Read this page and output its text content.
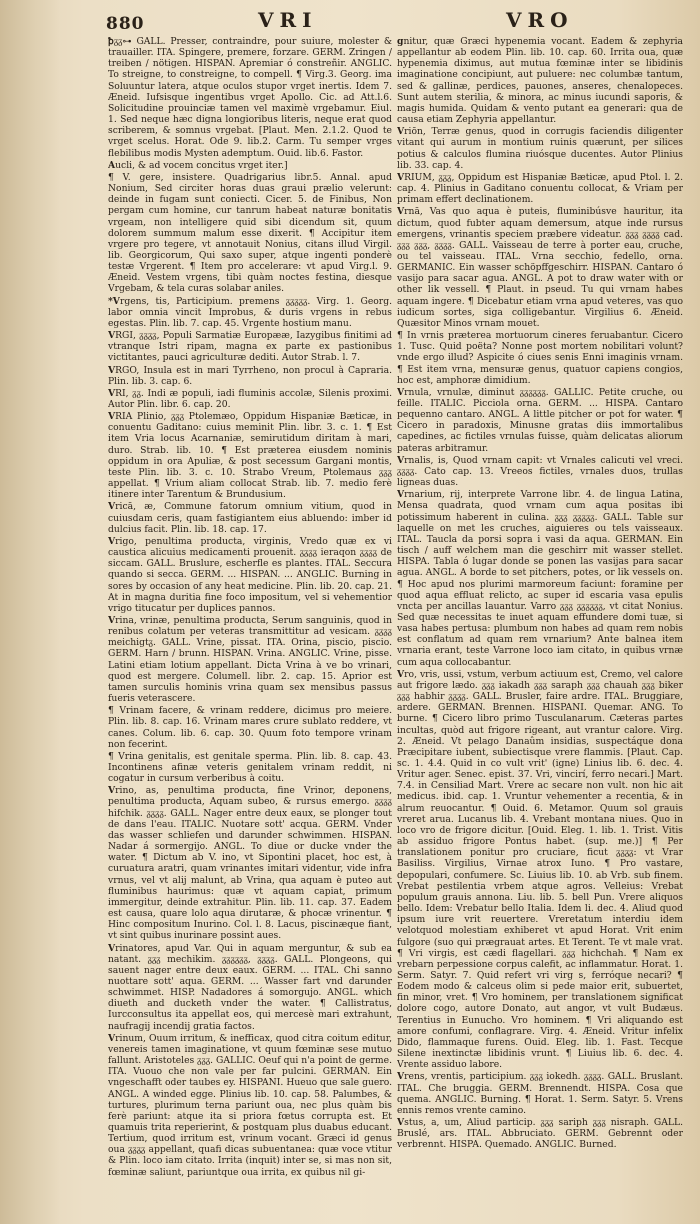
880	VRI	VRO

ꝥᵹᵹ⊶ GALL. Presser, contraindre, pour suiure, molester & trauailler. ITA. Spingere, premere, forzare. GERM. Zringen / treiben / nötigen. HISPAN. Apremiar ó constreñir. ANGLIC. To streigne, to constreigne, to compell. ¶ Virg.3. Georg. ima Soluuntur latera, atque oculos stupor vrget inertis. Idem 7. Æneid. Iufsisque ingentibus vrget Apollo. Cic. ad Att.l.6. Solicitudine prouinciæ tamen vel maximè vrgebamur. Eiul. 1. Sed neque hæc digna longioribus literis, neque erat quod scriberem, & somnus vrgebat. [Plaut. Men. 2.1.2. Quod te vrget scelus. Horat. Ode 9. lib.2. Carm. Tu semper vrges flebilibus modis Mysten ademptum. Ouid. lib.6. Fastor.

Aucli, & ad vocem concitus vrget iter.]

¶ V. gere, insistere. Quadrigarius libr.5. Annal. apud Nonium, Sed circiter horas duas graui prælio velerunt: deinde in fugam sunt coniecti. Cicer. 5. de Finibus, Non pergam cum homine, cur tanrum habeat naturæ bonitatis vrgeam, non intelligere quid sibi dicendum sit, quum dolorem summum malum esse dixerit. ¶ Accipitur item vrgere pro tegere, vt annotauit Nonius, citans illud Virgil. lib. Georgicorum, Qui saxo super, atque ingenti ponderè testæ Vrgerent. ¶ Item pro accelerare: vt apud Virg.l. 9. Æneid. Vestem vrgens, tibi quàm noctes festina, diesque Vrgebam, & tela curas solabar aniles.

*Vrgens, tis, Participium. premens ᵹᵹᵹᵹᵹ. Virg. 1. Georg. labor omnia vincit Improbus, & duris vrgens in rebus egestas. Plin. lib. 7. cap. 45. Vrgente hostium manu.

VRGI, ᵹᵹᵹᵹ, Populi Sarmatiæ Europææ, Iazygibus finitimi ad vtranque Istri ripam, magna ex parte ex pastionibus victitantes, pauci agriculturæ dediti. Autor Strab. l. 7.

VRGO, Insula est in mari Tyrrheno, non procul à Capraria. Plin. lib. 3. cap. 6.

VRI, ᵹᵹ. Indi æ populi, iadi fluminis accolæ, Silenis proximi. Autor Plin. libr. 6. cap. 20.

VRIA Plinio, ᵹᵹᵹ Ptolemæo, Oppidum Hispaniæ Bæticæ, in conuentu Gaditano: cuius meminit Plin. libr. 3. c. 1. ¶ Est item Vria locus Acarnaniæ, semirutidum diritam à mari, duro. Strab. lib. 10. ¶ Est præterea eiusdem nominis oppidum in ora Apuliæ, & post secessum Gargani montis, teste Plin. lib. 3. c. 10. Strabo Vreum, Ptolemaus ᵹᵹᵹ appellat. ¶ Vrium aliam collocat Strab. lib. 7. medio ferè itinere inter Tarentum & Brundusium.

Vricā, æ, Commune fatorum omnium vitium, quod in cuiusdam ceris, quam fastigiantem eius abluendo: imber id dulcius facit. Plin. lib. 18. cap. 17.

Vrigo, penultima producta, virginis, Vredo quæ ex vi caustica alicuius medicamenti prouenit. ᵹᵹᵹᵹ ieraqon ᵹᵹᵹᵹ de siccam. GALL. Bruslure, escherfle es plantes. ITAL. Seccura quando si secca. GERM. ... HISPAN. ... ANGLIC. Burning in sores by occasion of any heat medicine. Plin. lib. 20. cap. 21. At in magna duritia fine foco impositum, vel si vehementior vrigo titucatur per duplices pannos.

Vrina, vrinæ, penultima producta, Serum sanguinis, quod in renibus colatum per veteras transmittitur ad vesicam. ᵹᵹᵹᵹ meichigtᵹ. GALL. Vrine, pissat. ITA. Orina, piscio, piscio. GERM. Harn / brunn. HISPAN. Vrina. ANGLIC. Vrine, pisse. Latini etiam lotium appellant. Dicta Vrina à ve bo vrinari, quod est mergere. Columell. libr. 2. cap. 15. Aprior est tamen surculis hominis vrina quam sex mensibus passus fueris veterascere.

¶ Vrinam facere, & vrinam reddere, dicimus pro meiere. Plin. lib. 8. cap. 16. Vrinam mares crure sublato reddere, vt canes. Colum. lib. 6. cap. 30. Quum foto tempore vrinam non fecerint.

¶ Vrina genitalis, est genitale sperma. Plin. lib. 8. cap. 43. Incontinens afinæ veteris genitalem vrinam reddit, ni cogatur in cursum verberibus à coitu.

Vrino, as, penultima producta, fine Vrinor, deponens, penultima producta, Aquam subeo, & rursus emergo. ᵹᵹᵹᵹ hifchik. ᵹᵹᵹᵹ. GALL. Nager entre deux eaux, se plonger tout de dans l'eau. ITALIC. Nuotare sott' acqua. GERM. Vnder das wasser schliefen und darunder schwimmen. HISPAN. Nadar á sormergijo. ANGL. To diue or ducke vnder the water. ¶ Dictum ab V. ino, vt Sipontini placet, hoc est, à curuatura aratri, quam vrinantes imitari videntur, vide infra vrnus, vel vt alij malunt, ab Vrina, qua aquam è puteo aut fluminibus haurimus: quæ vt aquam capiat, primum immergitur, deinde extrahitur. Plin. lib. 11. cap. 37. Eadem est causa, quare lolo aqua dirutaræ, & phocæ vrinentur. ¶ Hinc compositum Inurino. Col. l. 8. Lacus, piscinæque fiant, vt sint quibus inurinare possint aues.

Vrinatores, apud Var. Qui in aquam merguntur, & sub ea natant. ᵹᵹᵹ mechikim. ᵹᵹᵹᵹᵹᵹ, ᵹᵹᵹᵹ. GALL. Plongeons, qui sauent nager entre deux eaux. GERM. ... ITAL. Chi sanno nuottare sott' aqua. GERM. ... Wasser fart vnd darunder schwimmet. HISP. Nadadores á somorgujo. ANGL. which diueth and ducketh vnder the water. ¶ Callistratus, Iurcconsultus ita appellat eos, qui mercesè mari extrahunt, naufragij incendij gratia factos.

Vrinum, Ouum irritum, & inefficax, quod citra coitum editur, venereis tamen imaginatione, vt quum fœminæ sese mutuo fallunt. Aristoteles ᵹᵹᵹ. GALLIC. Oeuf qui n'a point de germe. ITA. Vuouo che non vale per far pulcini. GERMAN. Ein vngeschafft oder taubes ey. HISPANI. Hueuo que sale guero. ANGL. A winded egge. Plinius lib. 10. cap. 58. Palumbes, & turtures, plurimum terna pariunt oua, nec plus quàm bis ferè pariunt: atque ita si priora fœtus corrupta est. Et quamuis trita reperierint, & postquam plus duabus educant. Tertium, quod irritum est, vrinum vocant. Græci id genus oua ᵹᵹᵹᵹ appellant, quafi dicas subuentanea: quæ voce vtitur & Plin. loco iam citato. Irrita (inquit) inter se, si mas non sit, fœminæ saliunt, pariuntque oua irrita, ex quibus nil gi-

gnitur, quæ Græci hypenemia vocant. Eadem & zephyria appellantur ab eodem Plin. lib. 10. cap. 60. Irrita oua, quæ hypenemia diximus, aut mutua fœminæ inter se libidinis imaginatione concipiunt, aut puluere: nec columbæ tantum, sed & gallinæ, perdices, pauones, anseres, chenalopeces. Sunt autem sterilia, & minora, ac minus iucundi saporis, & magis humida. Quidam & vento putant ea generari: qua de causa etiam Zephyria appellantur.

Vriōn, Terræ genus, quod in corrugis faciendis diligenter vitant qui aurum in montium ruinis quærunt, per silices potius & calculos flumina riuósque ducentes. Autor Plinius lib. 33. cap. 4.

VRIUM, ᵹᵹᵹ, Oppidum est Hispaniæ Bæticæ, apud Ptol. l. 2. cap. 4. Plinius in Gaditano conuentu collocat, & Vriam per primam effert declinationem.

Vrnā, Vas quo aqua è puteis, fluminibúsve hauritur, ita dictum, quod fubter aquam demersum, atque inde rursus emergens, vrinantis speciem præbere videatur. ᵹᵹᵹ ᵹᵹᵹᵹ cad. ᵹᵹᵹ ᵹᵹᵹ, ᵹᵹᵹᵹ. GALL. Vaisseau de terre à porter eau, cruche, ou tel vaisseau. ITAL. Vrna secchio, fedello, orna. GERMANIC. Ein wasser schöpffgeschirr. HISPAN. Cantaro ó vasijo para sacar agua. ANGL. A pot to draw water with or other lik vessell. ¶ Plaut. in pseud. Tu qui vrnam habes aquam ingere. ¶ Dicebatur etiam vrna apud veteres, vas quo iudicum sortes, siga colligebantur. Virgilius 6. Æneid. Quæsitor Minos vrnam mouet.

¶ In vrnis præterea mortuorum cineres feruabantur. Cicero 1. Tusc. Quid poëta? Nonne post mortem nobilitari volunt? vnde ergo illud? Aspicite ó ciues senis Enni imaginis vrnam. ¶ Est item vrna, mensuræ genus, quatuor capiens congios, hoc est, amphoræ dimidium.

Vrnula, vrnulæ, diminut ᵹᵹᵹᵹᵹᵹ. GALLIC. Petite cruche, ou feille. ITALIC. Picciola orna. GERM. ... HISPA. Cantaro pequenno cantaro. ANGL. A little pitcher or pot for water. ¶ Cicero in paradoxis, Minusne gratas diis immortalibus capedines, ac fictiles vrnulas fuisse, quàm delicatas aliorum pateras arbitramur.

Vrnalis, is, Quod vrnam capit: vt Vrnales calicuti vel vreci. ᵹᵹᵹᵹ. Cato cap. 13. Vreeos fictiles, vrnales duos, trullas ligneas duas.

Vrnarium, rij, interprete Varrone libr. 4. de lingua Latina, Mensa quadrata, quod vrnam cum aqua positas ibi potissimum haberent in culina. ᵹᵹᵹ ᵹᵹᵹᵹᵹ. GALL. Table sur laquelle on met les cruches, aiguieres ou tels vaisseaux. ITAL. Taucla da porsi sopra i vasi da aqua. GERMAN. Ein tisch / auff welchem man die geschirr mit wasser stellet. HISPA. Tabla ó lugar donde se ponen las vasijas para sacar agua. ANGL. A borde to set pitchers, potes, or lik vessels on. ¶ Hoc apud nos plurimi marmoreum faciunt: foramine per quod aqua effluat relicto, ac super id escaria vasa epulis vncta per ancillas lauantur. Varro ᵹᵹᵹ ᵹᵹᵹᵹᵹᵹ, vt citat Nonius. Sed quæ necessitas te inuet aquam effundere domi tuæ, si vasa habes pertusa: plumbum non habes ad quam rem nobis est conflatum ad quam rem vrnarium? Ante balnea item vrnaria erant, teste Varrone loco iam citato, in quibus vrnæ cum aqua collocabantur.

Vro, vris, ussi, vstum, verbum actiuum est, Cremo, vel calore aut frigore lædo. ᵹᵹᵹ iakadh ᵹᵹᵹ saraph ᵹᵹᵹ chauah ᵹᵹᵹ biker ᵹᵹᵹ habhir ᵹᵹᵹᵹ. GALL. Brusler, faire ardre. ITAL. Bruggiare, ardere. GERMAN. Brennen. HISPANI. Quemar. ANG. To burne. ¶ Cicero libro primo Tusculanarum. Cæteras partes incultas, quòd aut frigore rigeant, aut vrantur calore. Virg. 2. Æneid. Vt pelago Danaûm insidias, suspectáque dona Præcipitare iubent, subiectisque vrere flammis. [Plaut. Cap. sc. 1. 4.4. Quid in co vult vrit' (igne) Linius lib. 6. dec. 4. Vritur ager. Senec. epist. 37. Vri, vincirí, ferro necari.] Mart. 7.4. in Censiliad Mart. Vrere ac secare non vult. non hic ait medicus. ibid. cap. 1. Vruntur vehementer a recentia, & in alrum reuocantur. ¶ Ouid. 6. Metamor. Quum sol grauis vreret arua. Lucanus lib. 4. Vrebant montana niues. Quo in loco vro de frigore dicitur. [Ouid. Eleg. 1. lib. 1. Trist. Vitis ab assiduo frigore Pontus habet. (sup. me.)] ¶ Per translationem ponitur pro cruciare, ficut ᵹᵹᵹᵹ: vt Vrar Basiliss. Virgilius, Virnae atrox Iuno. ¶ Pro vastare, depopulari, confumere. Sc. Liuius lib. 10. ab Vrb. sub finem. Vrebat pestilentia vrbem atque agros. Velleius: Vrebat populum grauis annona. Liu. lib. 5. bell Pun. Vrere aliquos bello. Idem: Vrebatur bello Italia. Idem li. dec. 4. Aliud quod ipsum iure vrit reuertere. Vreretatum interdiu idem velotquod molestiam exhiberet vt apud Horat. Vrit enim fulgore (suo qui prægrauat artes. Et Terent. Te vt male vrat. ¶ Vri virgis, est cædi flagellari. ᵹᵹᵹ hichchah. ¶ Nam ex vrebarn perpessione corpus calefit, ac inflammatur. Horat. 1. Serm. Satyr. 7. Quid refert vri virg s, ferróque necari? ¶ Eodem modo & calceus olim si pede maior erit, subuertet, fin minor, vret. ¶ Vro hominem, per translationem significat dolore cogo, autore Donato, aut angor, vt vult Budæus. Terentius in Eunucho. Vro hominem. ¶ Vri aliquando est amore confumi, conflagrare. Virg. 4. Æneid. Vritur infelix Dido, flammaque furens. Ouid. Eleg. lib. 1. Fast. Tecque Silene inextinctæ libidinis vrunt. ¶ Liuius lib. 6. dec. 4. Vrente assiduo labore.

Vrens, vrentis, participium. ᵹᵹᵹ iokedh. ᵹᵹᵹᵹ. GALL. Bruslant. ITAL. Che bruggia. GERM. Brennendt. HISPA. Cosa que quema. ANGLIC. Burning. ¶ Horat. 1. Serm. Satyr. 5. Vrens ennis remos vrente camino.

Vstus, a, um, Aliud particip. ᵹᵹᵹ sariph ᵹᵹᵹ nisraph. GALL. Bruslé, ars. ITAL. Abbruciato. GERM. Gebrennt oder verbrennt. HISPA. Quemado. ANGLIC. Burned.
